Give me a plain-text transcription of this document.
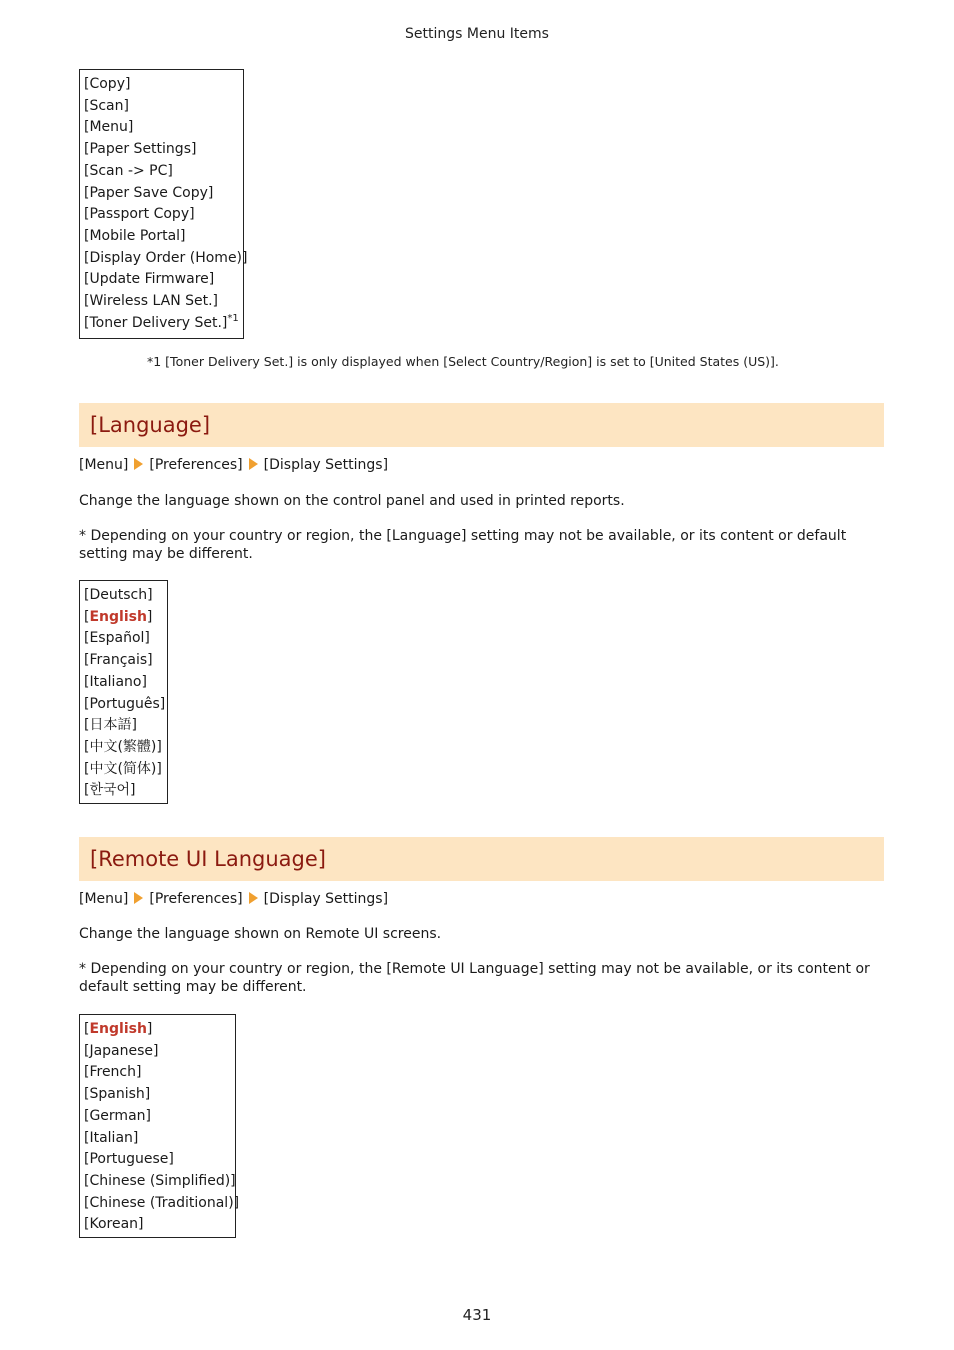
Settings Menu Items
[Copy]
[Scan]
[Menu]
[Paper Settings]
[Scan -> PC]
[Paper Save Copy]
[Passport Copy]
[Mobile Portal]
[Display Order (Home)]
[Update Firmware]
[Wireless LAN Set.]
[Toner Delivery Set.]$^{*1}$
*1 [Toner Delivery Set.] is only displayed when [Select Country/Region] is set to [United States (US)].
[Language]
[Menu] [Preferences] [Display Settings]
Change the language shown on the control panel and used in printed reports.
* Depending on your country or region, the [Language] setting may not be available, or its content or default setting may be different.
[Deutsch]
[English]
[Español]
[Français]
[Italiano]
[Português]
[日本語]
[中文(繁體)]
[中文(简体)]
[한국어]
[Remote UI Language]
[Menu] [Preferences] [Display Settings]
Change the language shown on Remote UI screens.
* Depending on your country or region, the [Remote UI Language] setting may not be available, or its content or default setting may be different.
[English]
[Japanese]
[French]
[Spanish]
[German]
[Italian]
[Portuguese]
[Chinese (Simplified)]
[Chinese (Traditional)]
[Korean]
431
